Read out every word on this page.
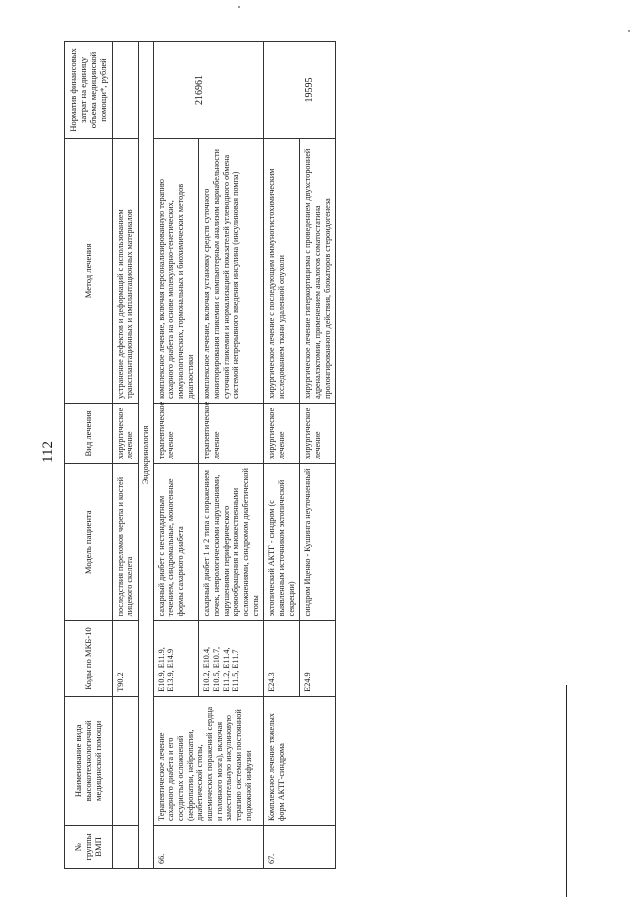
112
№ группы ВМП	Наименование вида высокотехнологичной медицинской помощи	Коды по МКБ-10	Модель пациента	Вид лечения	Метод лечения	Норматив финансовых затрат на единицу объема медицинской помощи*, рублей
		T90.2	последствия переломов черепа и костей лицевого скелета	хирургическое лечение	устранение дефектов и деформаций с использованием трансплантационных и имплантационных материалов	
Эндокринология						
66.	Терапевтическое лечение сахарного диабета и его сосудистых осложнений (нефропатии, нейропатии, диабетической стопы, ишемических поражений сердца и головного мозга), включая заместительную инсулиновую терапию системами постоянной подкожной инфузии	E10.9, E11.9, E13.9, E14.9	сахарный диабет с нестандартным течением, синдромальные, моногенные формы сахарного диабета	терапевтическое лечение	комплексное лечение, включая персонализированную терапию сахарного диабета на основе молекулярно-генетических, иммунологических, гормональных и биохимических методов диагностики	216961
		E10.2, E10.4, E10.5, E10.7, E11.2, E11.4, E11.5, E11.7	сахарный диабет 1 и 2 типа с поражением почек, неврологическими нарушениями, нарушениями периферического кровообращения и множественными осложнениями, синдромом диабетической стопы	терапевтическое лечение	комплексное лечение, включая установку средств суточного мониторирования гликемии с компьютерным анализом вариабельности суточной гликемии и нормализацией показателей углеводного обмена системой непрерывного введения инсулина (инсулиновая помпа)	
67.	Комплексное лечение тяжелых форм АКТГ-синдрома	E24.3	эктопический АКТГ - синдром (с выявленным источником эктопической секреции)	хирургическое лечение	хирургическое лечение с последующим иммуногистохимическим исследованием ткани удаленной опухоли	19595
		E24.9	синдром Иценко - Кушинга неуточненный	хирургическое лечение	хирургическое лечение гиперкортицизма с проведением двухсторонней адреналэктомии, применением аналогов соматостатина пролонгированного действия, блокаторов стероидогенеза	
